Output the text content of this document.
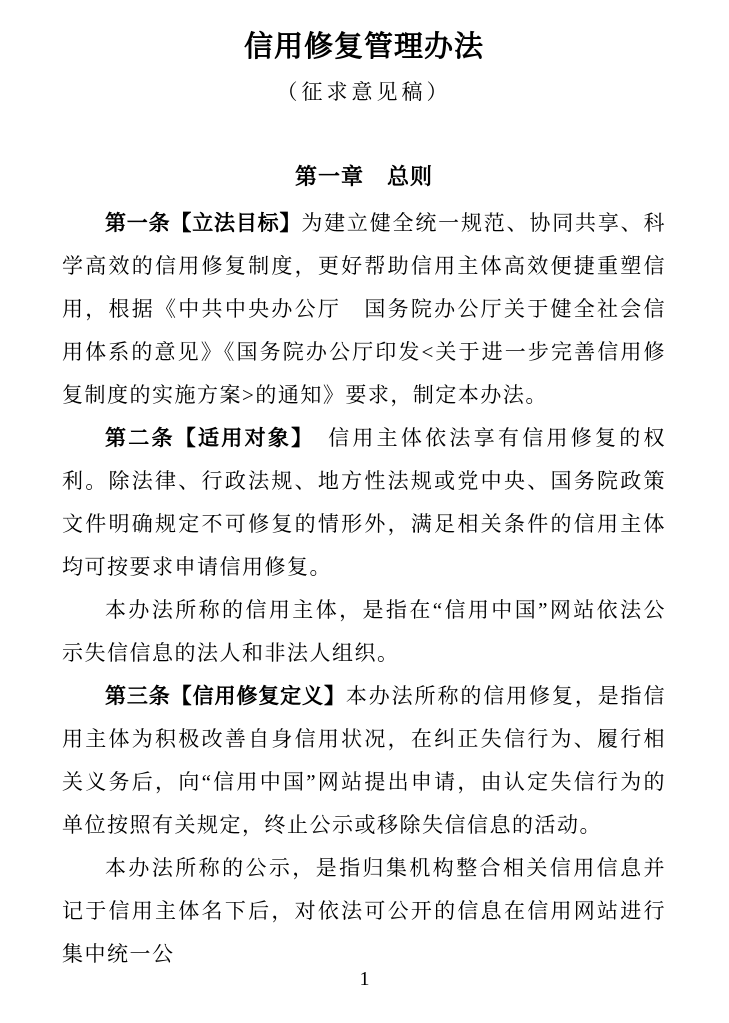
信用修复管理办法
（征求意见稿）
第一章　总则

第一条【立法目标】为建立健全统一规范、协同共享、科学高效的信用修复制度，更好帮助信用主体高效便捷重塑信用，根据《中共中央办公厅　国务院办公厅关于健全社会信用体系的意见》《国务院办公厅印发<关于进一步完善信用修复制度的实施方案>的通知》要求，制定本办法。

第二条【适用对象】　信用主体依法享有信用修复的权利。除法律、行政法规、地方性法规或党中央、国务院政策文件明确规定不可修复的情形外，满足相关条件的信用主体均可按要求申请信用修复。

本办法所称的信用主体，是指在“信用中国”网站依法公示失信信息的法人和非法人组织。

第三条【信用修复定义】本办法所称的信用修复，是指信用主体为积极改善自身信用状况，在纠正失信行为、履行相关义务后，向“信用中国”网站提出申请，由认定失信行为的单位按照有关规定，终止公示或移除失信信息的活动。

本办法所称的公示，是指归集机构整合相关信用信息并记于信用主体名下后，对依法可公开的信息在信用网站进行集中统一公

1
